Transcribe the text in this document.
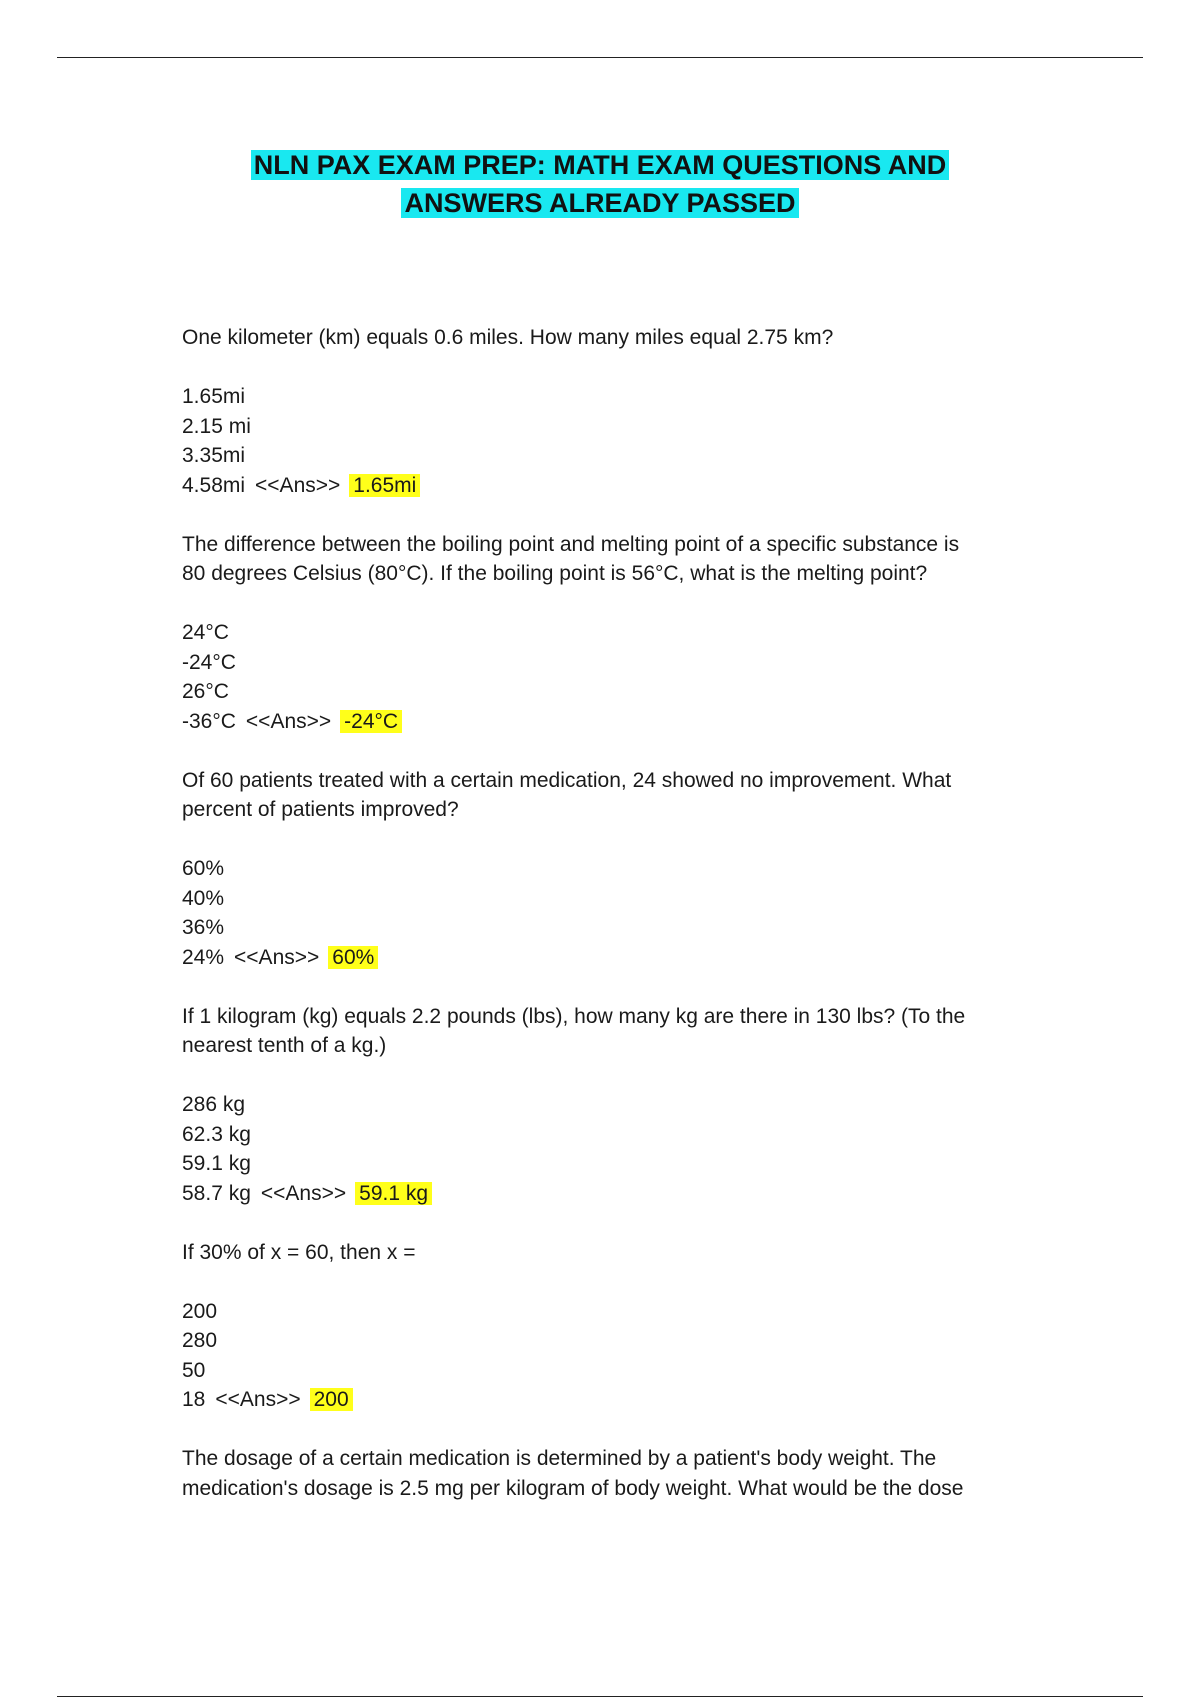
NLN PAX EXAM PREP: MATH EXAM QUESTIONS AND
ANSWERS ALREADY PASSED
One kilometer (km) equals 0.6 miles. How many miles equal 2.75 km?
1.65mi
2.15 mi
3.35mi
4.58mi <<Ans>> 1.65mi
The difference between the boiling point and melting point of a specific substance is
80 degrees Celsius (80°C). If the boiling point is 56°C, what is the melting point?
24°C
-24°C
26°C
-36°C <<Ans>> -24°C
Of 60 patients treated with a certain medication, 24 showed no improvement. What
percent of patients improved?
60%
40%
36%
24% <<Ans>> 60%
If 1 kilogram (kg) equals 2.2 pounds (lbs), how many kg are there in 130 lbs? (To the
nearest tenth of a kg.)
286 kg
62.3 kg
59.1 kg
58.7 kg <<Ans>> 59.1 kg
If 30% of x = 60, then x =
200
280
50
18 <<Ans>> 200
The dosage of a certain medication is determined by a patient's body weight. The
medication's dosage is 2.5 mg per kilogram of body weight. What would be the dose
